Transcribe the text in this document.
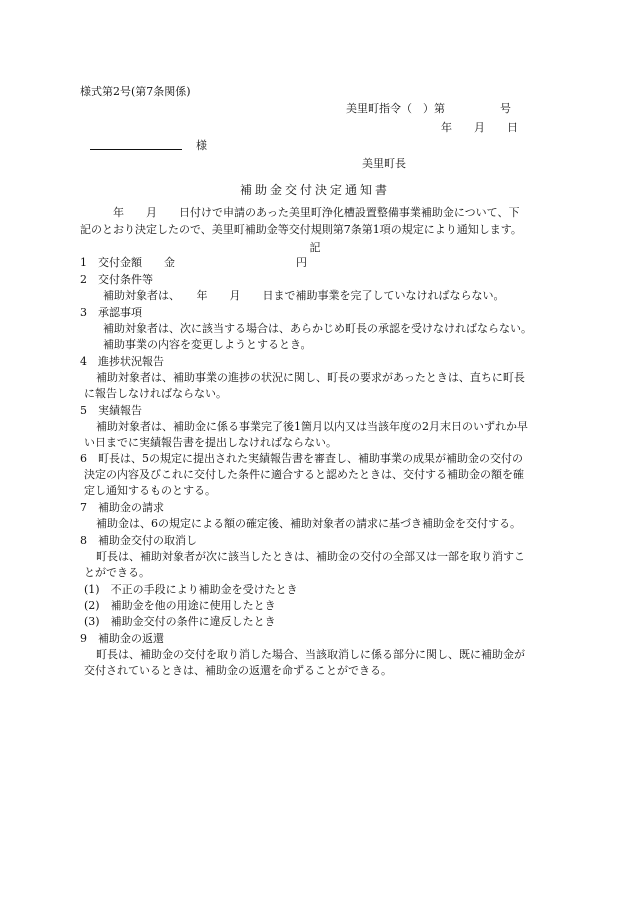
様式第2号(第7条関係)
美里町指令（　）第　　　　　号
年　　月　　日
様
美里町長
補助金交付決定通知書
　　　年　　月　　日付けで申請のあった美里町浄化槽設置整備事業補助金について、下
記のとおり決定したので、美里町補助金等交付規則第7条第1項の規定により通知します。
記
1　交付金額　　金　　　　　　　　　　　円
2　交付条件等
補助対象者は、　　年　　月　　日まで補助事業を完了していなければならない。
3　承認事項
補助対象者は、次に該当する場合は、あらかじめ町長の承認を受けなければならない。
補助事業の内容を変更しようとするとき。
4　進捗状況報告
補助対象者は、補助事業の進捗の状況に関し、町長の要求があったときは、直ちに町長
に報告しなければならない。
5　実績報告
補助対象者は、補助金に係る事業完了後1箇月以内又は当該年度の2月末日のいずれか早
い日までに実績報告書を提出しなければならない。
6　町長は、5の規定に提出された実績報告書を審査し、補助事業の成果が補助金の交付の
決定の内容及びこれに交付した条件に適合すると認めたときは、交付する補助金の額を確
定し通知するものとする。
7　補助金の請求
補助金は、6の規定による額の確定後、補助対象者の請求に基づき補助金を交付する。
8　補助金交付の取消し
町長は、補助対象者が次に該当したときは、補助金の交付の全部又は一部を取り消すこ
とができる。
(1)　不正の手段により補助金を受けたとき
(2)　補助金を他の用途に使用したとき
(3)　補助金交付の条件に違反したとき
9　補助金の返還
町長は、補助金の交付を取り消した場合、当該取消しに係る部分に関し、既に補助金が
交付されているときは、補助金の返還を命ずることができる。
